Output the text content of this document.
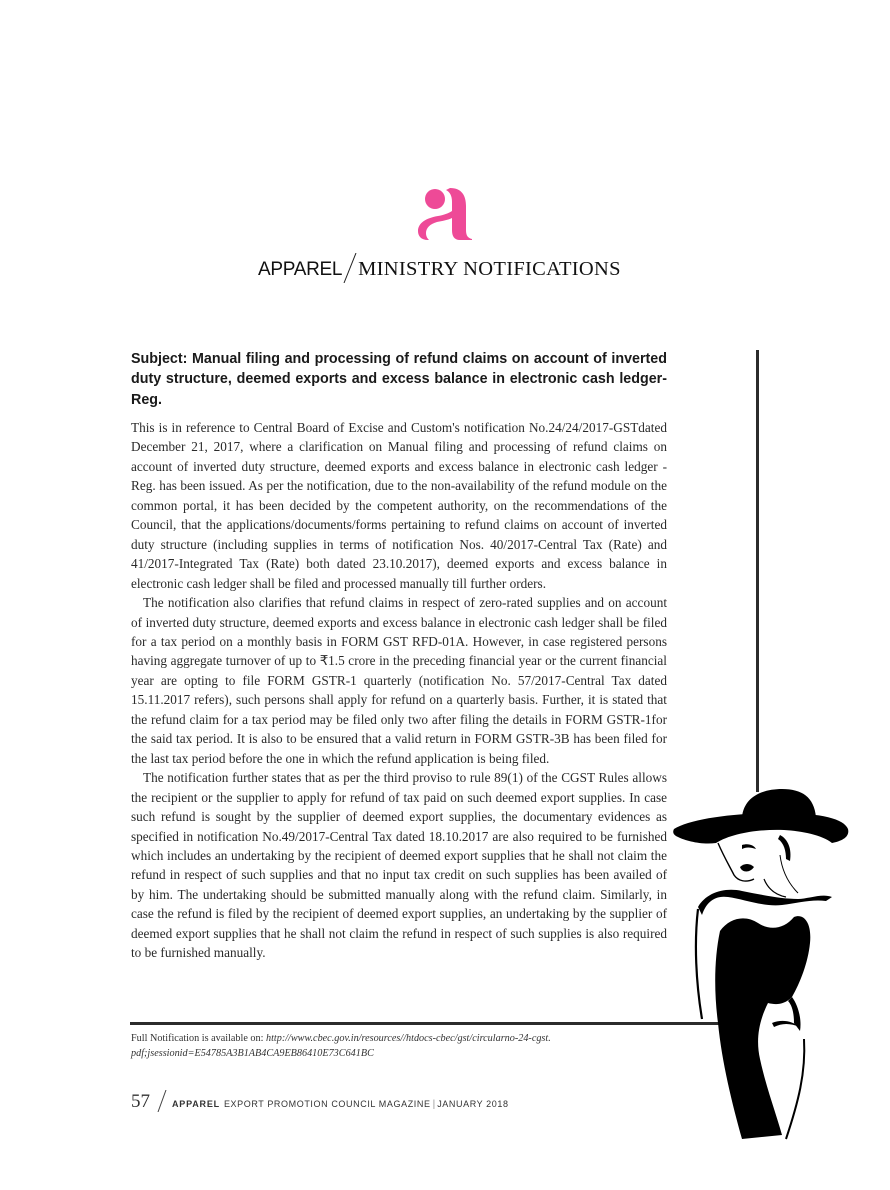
APPAREL MINISTRY NOTIFICATIONS
Subject: Manual filing and processing of refund claims on account of inverted duty structure, deemed exports and excess balance in electronic cash ledger- Reg.

This is in reference to Central Board of Excise and Custom's notification No.24/24/2017-GSTdated December 21, 2017, where a clarification on Manual filing and processing of refund claims on account of inverted duty structure, deemed exports and excess balance in electronic cash ledger - Reg. has been issued. As per the notification, due to the non-availability of the refund module on the common portal, it has been decided by the competent authority, on the recommendations of the Council, that the applications/documents/forms pertaining to refund claims on account of inverted duty structure (including supplies in terms of notification Nos. 40/2017-Central Tax (Rate) and 41/2017-Integrated Tax (Rate) both dated 23.10.2017), deemed exports and excess balance in electronic cash ledger shall be filed and processed manually till further orders.

The notification also clarifies that refund claims in respect of zero-rated supplies and on account of inverted duty structure, deemed exports and excess balance in electronic cash ledger shall be filed for a tax period on a monthly basis in FORM GST RFD-01A. However, in case registered persons having aggregate turnover of up to ₹1.5 crore in the preceding financial year or the current financial year are opting to file FORM GSTR-1 quarterly (notification No. 57/2017-Central Tax dated 15.11.2017 refers), such persons shall apply for refund on a quarterly basis. Further, it is stated that the refund claim for a tax period may be filed only two after filing the details in FORM GSTR-1for the said tax period. It is also to be ensured that a valid return in FORM GSTR-3B has been filed for the last tax period before the one in which the refund application is being filed.

The notification further states that as per the third proviso to rule 89(1) of the CGST Rules allows the recipient or the supplier to apply for refund of tax paid on such deemed export supplies. In case such refund is sought by the supplier of deemed export supplies, the documentary evidences as specified in notification No.49/2017-Central Tax dated 18.10.2017 are also required to be furnished which includes an undertaking by the recipient of deemed export supplies that he shall not claim the refund in respect of such supplies and that no input tax credit on such supplies has been availed of by him. The undertaking should be submitted manually along with the refund claim. Similarly, in case the refund is filed by the recipient of deemed export supplies, an undertaking by the supplier of deemed export supplies that he shall not claim the refund in respect of such supplies is also required to be furnished manually.

Full Notification is available on: http://www.cbec.gov.in/resources//htdocs-cbec/gst/circularno-24-cgst.
pdf;jsessionid=E54785A3B1AB4CA9EB86410E73C641BC
57 APPAREL EXPORT PROMOTION COUNCIL MAGAZINE | JANUARY 2018
